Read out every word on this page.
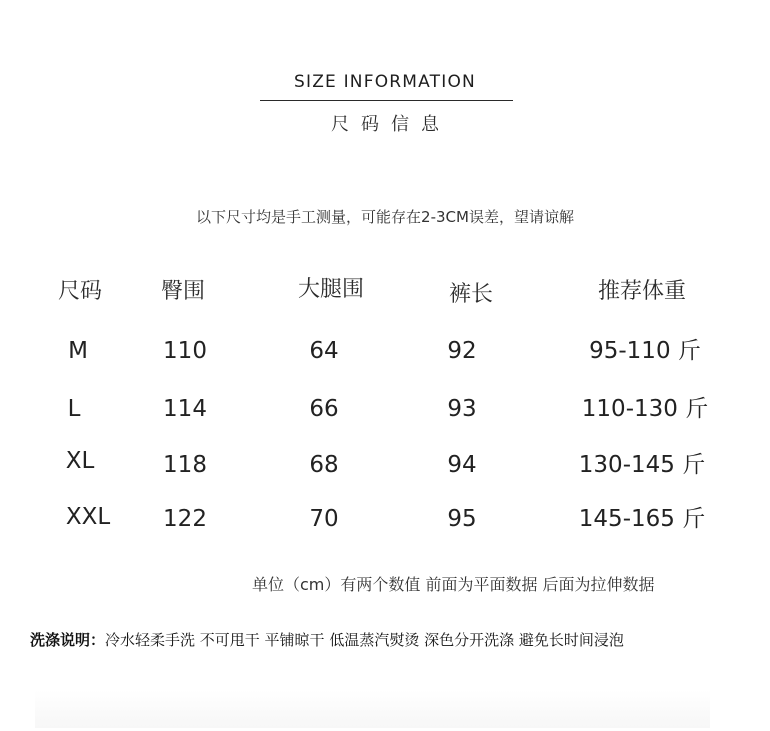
SIZE INFORMATION
尺码信息
以下尺寸均是手工测量，可能存在2-3CM误差，望请谅解
尺码	臀围	大腿围	裤长	推荐体重
M	110	64	92	95-110 斤
L	114	66	93	110-130 斤
XL	118	68	94	130-145 斤
XXL 122	70	95	145-165 斤
单位（cm）有两个数值 前面为平面数据 后面为拉伸数据
洗涤说明：冷水轻柔手洗 不可甩干 平铺晾干 低温蒸汽熨烫 深色分开洗涤 避免长时间浸泡
